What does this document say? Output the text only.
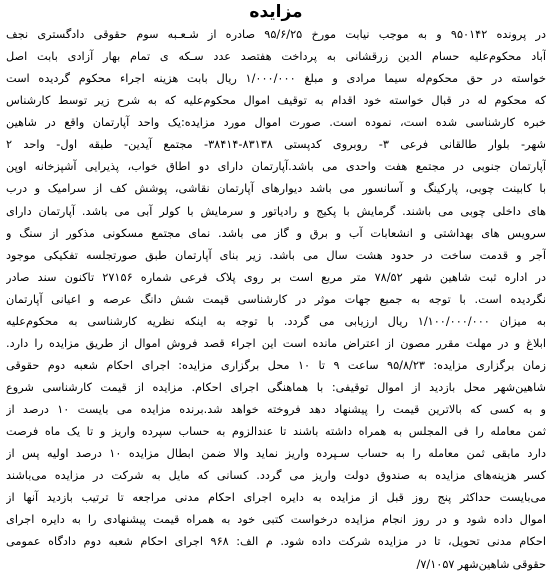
مزایده
در پرونده ۹۵۰۱۴۲ و به موجب نیابت مورخ ۹۵/۶/۲۵ صادره از شـعـبه سوم حقوقی دادگستری نجف
آباد محکوم‌علیه حسام الدین زرقشانی به پرداخت هفتصد عدد سـکه ی تمام بهار آزادی بابت اصل
خواسته در حق محکوم‌له سیما مرادی و مبلغ ۱/۰۰۰/۰۰۰ ریال بابت هزینه اجراء محکوم گردیده است
که محکوم له در قبال خواسته خود اقدام به توقیف اموال محکوم‌علیه که به شرح زیر توسط کارشناس
خبره کارشناسی شده است، نموده است. صورت اموال مورد مزایده:یک واحد آپارتمان واقع در شاهین
شهر- بلوار طالقانی فرعی ۳- روبروی کدپستی ۸۳۱۳۸-۳۸۴۱۴- مجتمع آیدین- طبقه اول- واحد ۲
آپارتمان جنوبی در مجتمع هفت واحدی می باشد.آپارتمان دارای دو اطاق خواب، پذیرایی آشپزخانه اوپن
با کابینت چوبی، پارکینگ و آسانسور می باشد دیوارهای آپارتمان نقاشی، پوشش کف از سرامیک و درب
های داخلی چوبی می باشند. گرمایش با پکیج و رادیاتور و سرمایش با کولر آبی می باشد. آپارتمان دارای
سرویس های بهداشتی و انشعابات آب و برق و گاز می باشد. نمای مجتمع مسکونی مذکور از سنگ و
آجر و قدمت ساخت در حدود هشت سال می باشد. زیر بنای آپارتمان طبق صورتجلسه تفکیکی موجود
در اداره ثبت شاهین شهر ۷۸/۵۲ متر مربع است بر روی پلاک فرعی شماره ۲۷۱۵۶ تاکنون سند صادر
نگردیده است. با توجه به جمیع جهات موثر در کارشناسی قیمت شش دانگ عرصه و اعیانی آپارتمان
به میزان ۱/۱۰۰/۰۰۰/۰۰۰ ریال ارزیابی می گردد. با توجه به اینکه نظریه کارشناسی به محکوم‌علیه
ابلاغ و در مهلت مقرر مصون از اعتراض مانده است این اجراء قصد فروش اموال از طریق مزایده را دارد.
زمان برگزاری مزایده: ۹۵/۸/۲۳ ساعت ۹ تا ۱۰ محل برگزاری مزایده: اجرای احکام شعبه دوم حقوقی
شاهین‌شهر محل بازدید از اموال توقیفی: با هماهنگی اجرای احکام. مزایده از قیمت کارشناسی شروع
و به کسی که بالاترین قیمت را پیشنهاد دهد فروخته خواهد شد.برنده مزایده می بایست ۱۰ درصد از
ثمن معامله را فی المجلس به همراه داشته باشند تا عندالزوم به حساب سپرده واریز و تا یک ماه فرصت
دارد مابقی ثمن معامله را به حساب سـپرده واریز نماید والا ضمن ابطال مزایده ۱۰ درصد اولیه پس از
کسر هزینه‌های مزایده به صندوق دولت واریز می گردد. کسانی که مایل به شرکت در مزایده می‌باشند
می‌بایست حداکثر پنج روز قبل از مزایده به دایره اجرای احکام مدنی مراجعه تا ترتیب بازدید آنها از
اموال داده شود و در روز انجام مزایده درخواست کتبی خود به همراه قیمت پیشنهادی را به دایره اجرای
احکام مدنی تحویل، تا در مزایده شرکت داده شود. م الف: ۹۶۸ اجرای احکام شعبه دوم دادگاه عمومی
حقوقی شاهین‌شهر ۷/۱۰۵۷/
